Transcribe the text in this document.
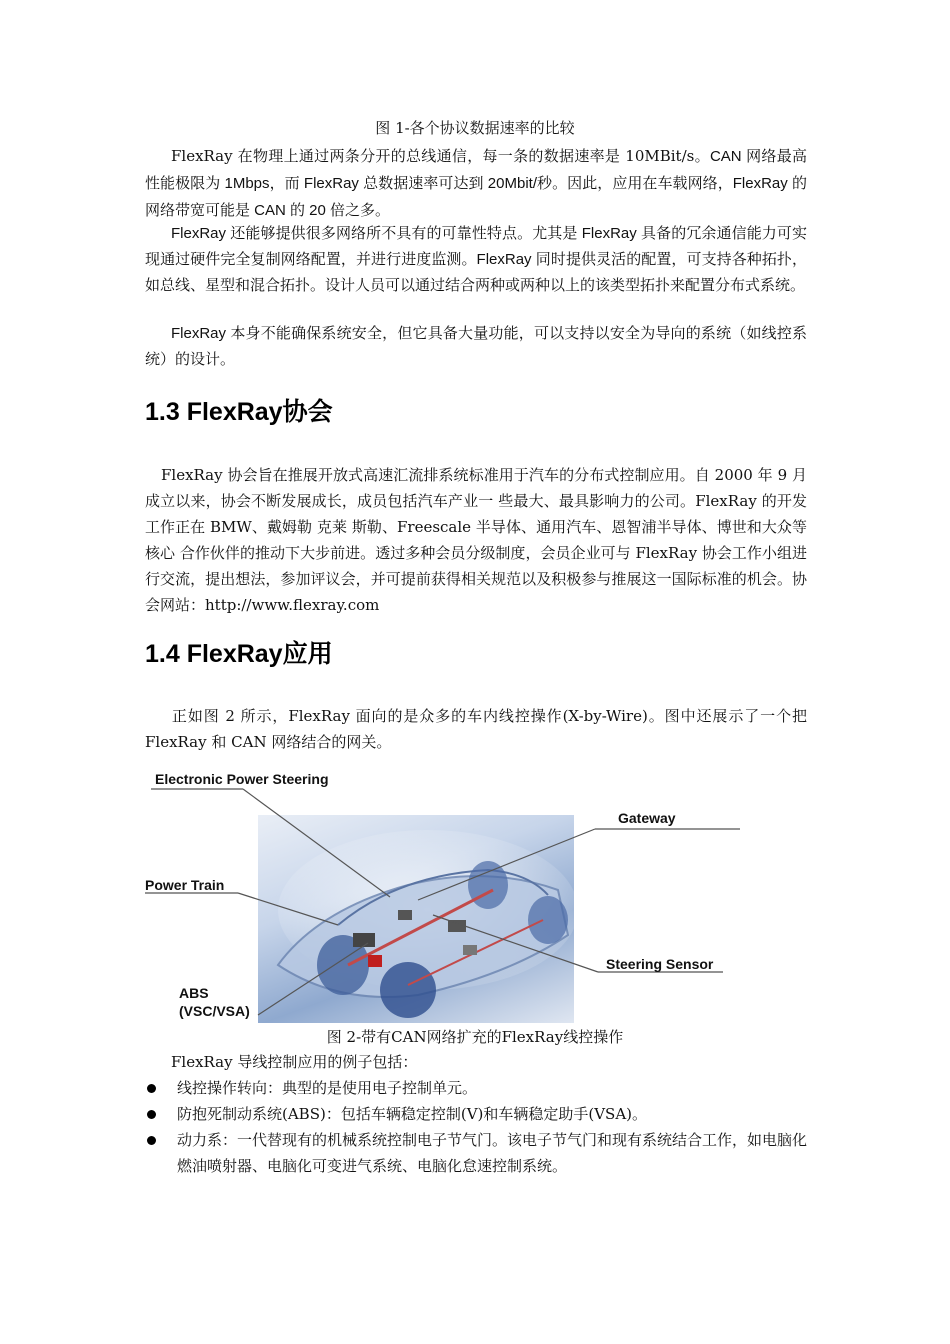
图 1-各个协议数据速率的比较

FlexRay 在物理上通过两条分开的总线通信，每一条的数据速率是 10MBit/s。CAN 网络最高性能极限为 1Mbps，而 FlexRay 总数据速率可达到 20Mbit/秒。因此，应用在车载网络，FlexRay 的网络带宽可能是 CAN 的 20 倍之多。

FlexRay 还能够提供很多网络所不具有的可靠性特点。尤其是 FlexRay 具备的冗余通信能力可实现通过硬件完全复制网络配置，并进行进度监测。FlexRay 同时提供灵活的配置，可支持各种拓扑，如总线、星型和混合拓扑。设计人员可以通过结合两种或两种以上的该类型拓扑来配置分布式系统。

FlexRay 本身不能确保系统安全，但它具备大量功能，可以支持以安全为导向的系统（如线控系统）的设计。

1.3 FlexRay协会

FlexRay 协会旨在推展开放式高速汇流排系统标准用于汽车的分布式控制应用。自 2000 年 9 月成立以来，协会不断发展成长，成员包括汽车产业一 些最大、最具影响力的公司。FlexRay 的开发工作正在 BMW、戴姆勒 克莱 斯勒、Freescale 半导体、通用汽车、恩智浦半导体、博世和大众等核心 合作伙伴的推动下大步前进。透过多种会员分级制度，会员企业可与 FlexRay 协会工作小组进行交流，提出想法，参加评议会，并可提前获得相关规范以及积极参与推展这一国际标准的机会。协会网站：http://www.flexray.com

1.4 FlexRay应用

正如图 2 所示，FlexRay 面向的是众多的车内线控操作(X-by-Wire)。图中还展示了一个把 FlexRay 和 CAN 网络结合的网关。

Electronic Power Steering
Gateway
Power Train
Steering Sensor
ABS
(VSC/VSA)
图 2-带有CAN网络扩充的FlexRay线控操作

FlexRay 导线控制应用的例子包括：

线控操作转向：典型的是使用电子控制单元。
防抱死制动系统(ABS)：包括车辆稳定控制(V)和车辆稳定助手(VSA)。
动力系：一代替现有的机械系统控制电子节气门。该电子节气门和现有系统结合工作，如电脑化燃油喷射器、电脑化可变进气系统、电脑化怠速控制系统。
